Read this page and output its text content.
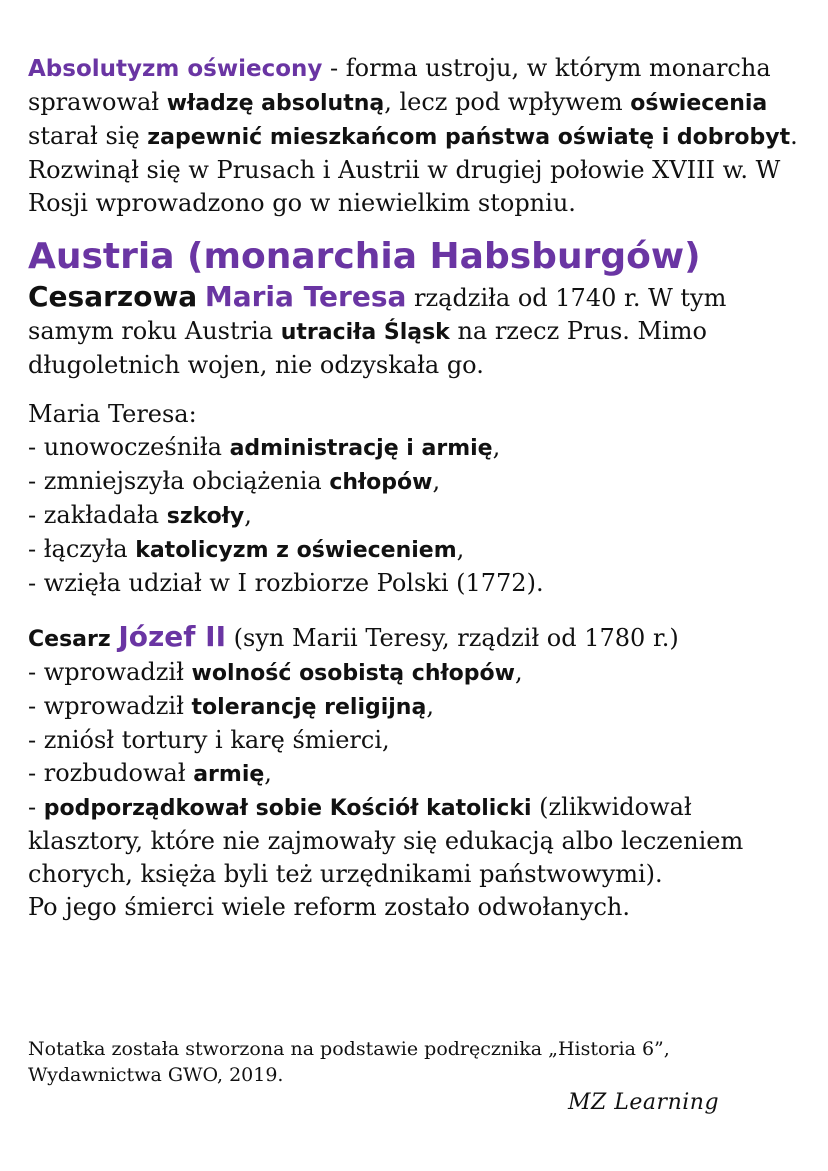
Absolutyzm oświecony - forma ustroju, w którym monarcha sprawował władzę absolutną, lecz pod wpływem oświecenia starał się zapewnić mieszkańcom państwa oświatę i dobrobyt. Rozwinął się w Prusach i Austrii w drugiej połowie XVIII w. W Rosji wprowadzono go w niewielkim stopniu.

Austria (monarchia Habsburgów)

Cesarzowa Maria Teresa rządziła od 1740 r. W tym samym roku Austria utraciła Śląsk na rzecz Prus. Mimo długoletnich wojen, nie odzyskała go.

Maria Teresa:
- unowocześniła administrację i armię,
- zmniejszyła obciążenia chłopów,
- zakładała szkoły,
- łączyła katolicyzm z oświeceniem,
- wzięła udział w I rozbiorze Polski (1772).
Cesarz Józef II (syn Marii Teresy, rządził od 1780 r.)
- wprowadził wolność osobistą chłopów,
- wprowadził tolerancję religijną,
- zniósł tortury i karę śmierci,
- rozbudował armię,
- podporządkował sobie Kościół katolicki (zlikwidował klasztory, które nie zajmowały się edukacją albo leczeniem chorych, księża byli też urzędnikami państwowymi).
Po jego śmierci wiele reform zostało odwołanych.
Notatka została stworzona na podstawie podręcznika „Historia 6”,
Wydawnictwa GWO, 2019.
MZ Learning
